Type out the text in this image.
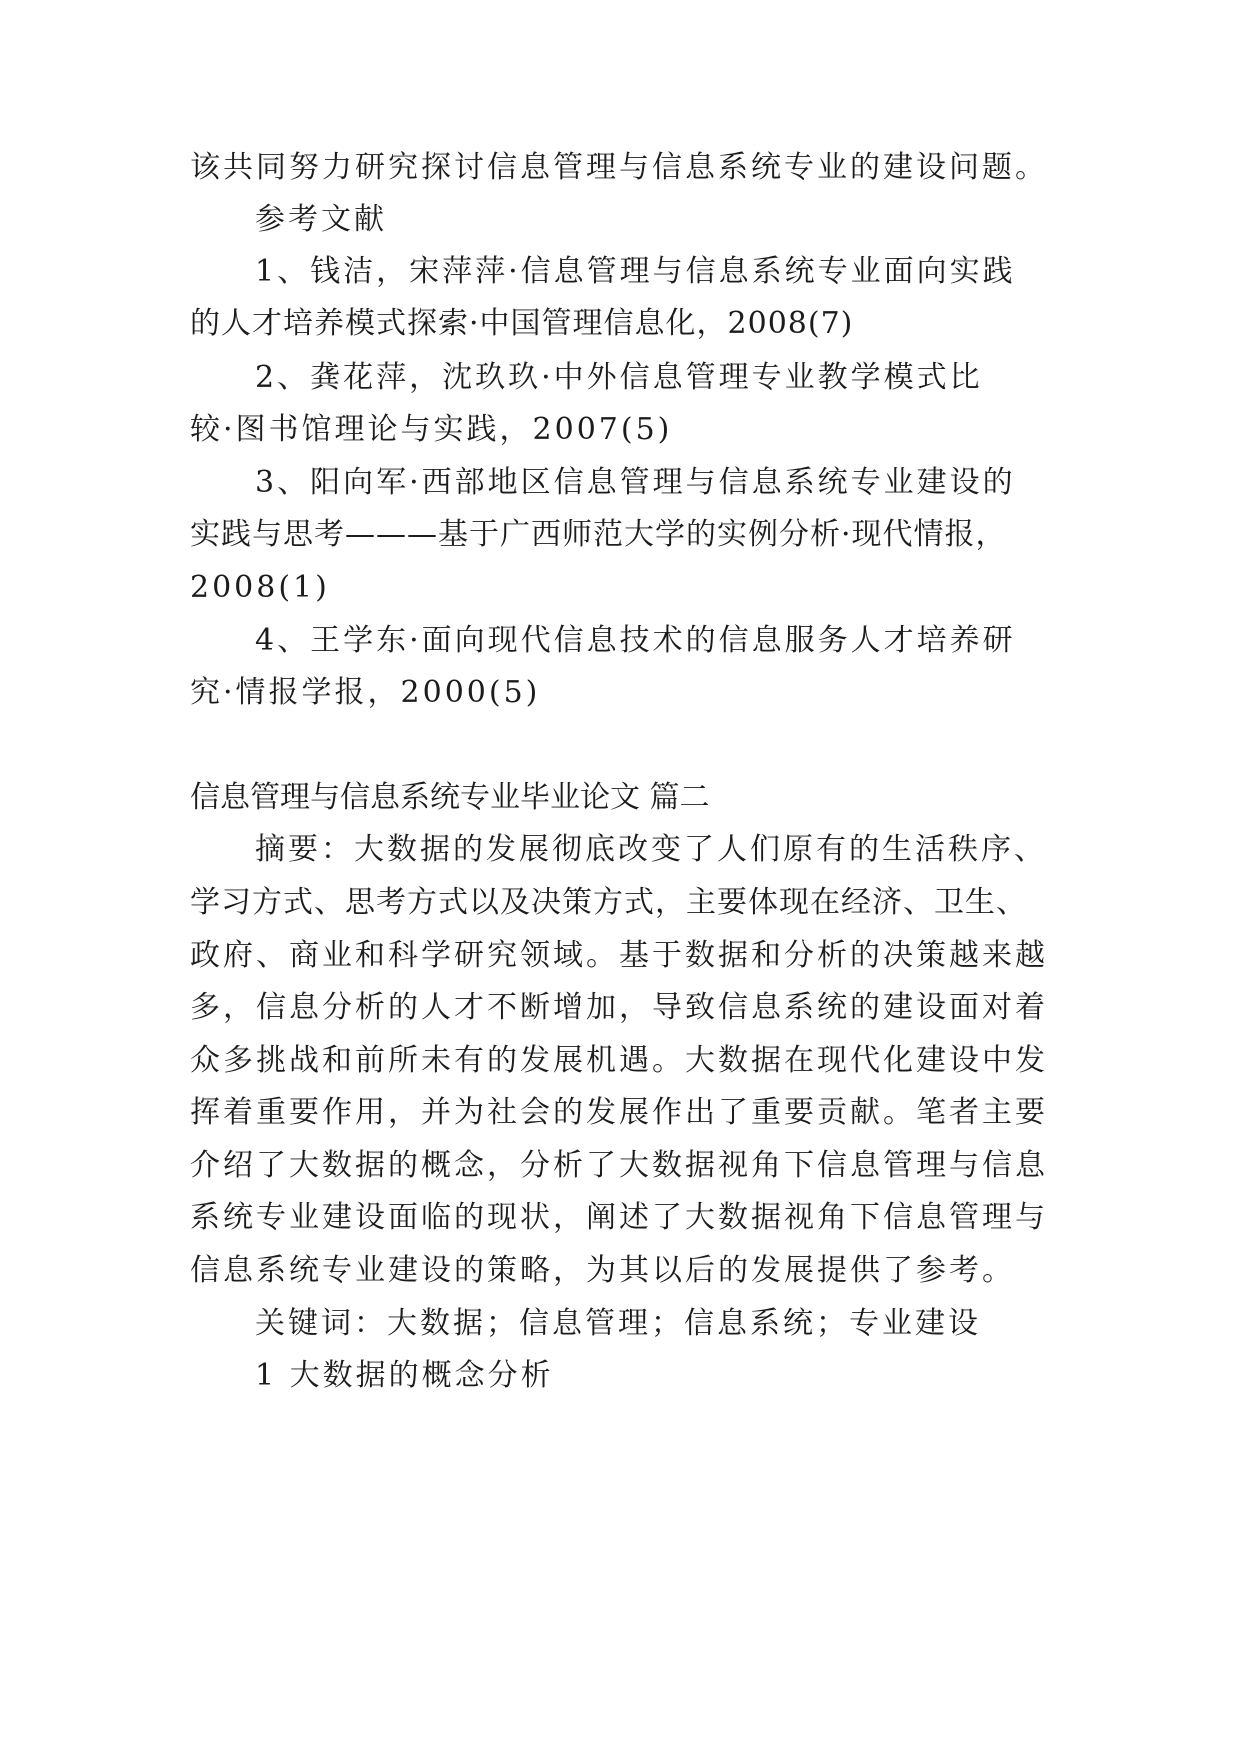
该共同努力研究探讨信息管理与信息系统专业的建设问题。
参考文献
1、钱洁，宋萍萍·信息管理与信息系统专业面向实践
的人才培养模式探索·中国管理信息化，2008(7)
2、龚花萍，沈玖玖·中外信息管理专业教学模式比
较·图书馆理论与实践，2007(5)
3、阳向军·西部地区信息管理与信息系统专业建设的
实践与思考———基于广西师范大学的实例分析·现代情报，
2008(1)
4、王学东·面向现代信息技术的信息服务人才培养研
究·情报学报，2000(5)
信息管理与信息系统专业毕业论文 篇二
摘要：大数据的发展彻底改变了人们原有的生活秩序、
学习方式、思考方式以及决策方式，主要体现在经济、卫生、
政府、商业和科学研究领域。基于数据和分析的决策越来越
多，信息分析的人才不断增加，导致信息系统的建设面对着
众多挑战和前所未有的发展机遇。大数据在现代化建设中发
挥着重要作用，并为社会的发展作出了重要贡献。笔者主要
介绍了大数据的概念，分析了大数据视角下信息管理与信息
系统专业建设面临的现状，阐述了大数据视角下信息管理与
信息系统专业建设的策略，为其以后的发展提供了参考。
关键词：大数据；信息管理；信息系统；专业建设
1 大数据的概念分析
